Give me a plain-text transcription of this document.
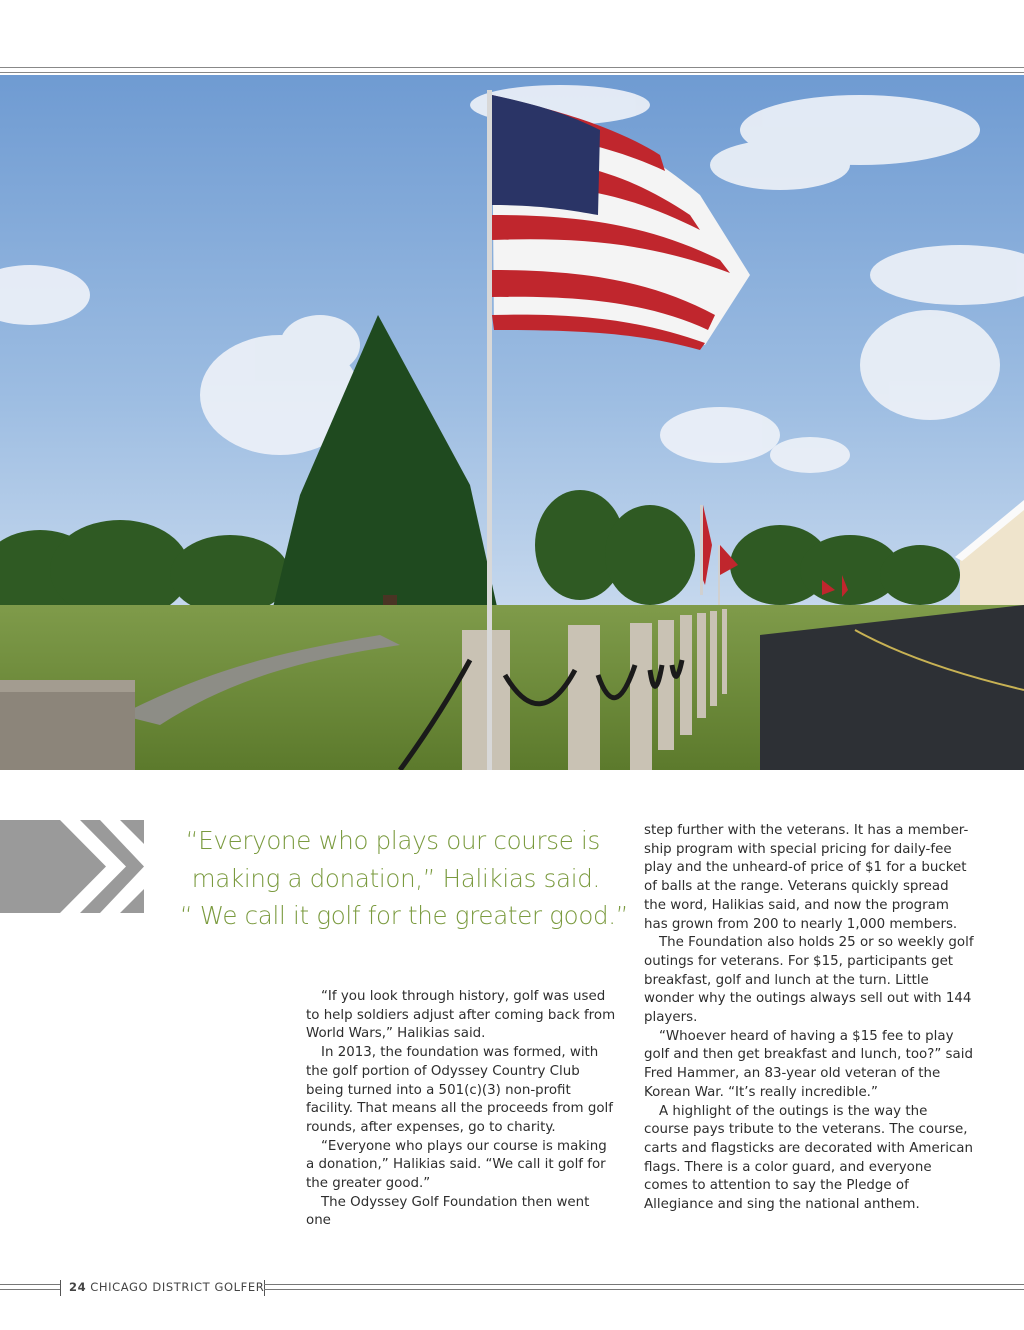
“Everyone who plays our course is

making a donation,” Halikias said.

“ We call it golf for the greater good.”

“If you look through history, golf was used to help soldiers adjust after coming back from World Wars,” Halikias said.

In 2013, the foundation was formed, with the golf portion of Odyssey Country Club being turned into a 501(c)(3) non-profit facility. That means all the proceeds from golf rounds, after expenses, go to charity.

“Everyone who plays our course is making a donation,” Halikias said. “We call it golf for the greater good.”

The Odyssey Golf Foundation then went one

step further with the veterans. It has a member-ship program with special pricing for daily-fee play and the unheard-of price of $1 for a bucket of balls at the range. Veterans quickly spread the word, Halikias said, and now the program has grown from 200 to nearly 1,000 members.

The Foundation also holds 25 or so weekly golf outings for veterans. For $15, participants get breakfast, golf and lunch at the turn. Little wonder why the outings always sell out with 144 players.

“Whoever heard of having a $15 fee to play golf and then get breakfast and lunch, too?” said Fred Hammer, an 83-year old veteran of the Korean War. “It’s really incredible.”

A highlight of the outings is the way the course pays tribute to the veterans. The course, carts and flagsticks are decorated with American flags. There is a color guard, and everyone comes to attention to say the Pledge of Allegiance and sing the national anthem.

24 CHICAGO DISTRICT GOLFER
